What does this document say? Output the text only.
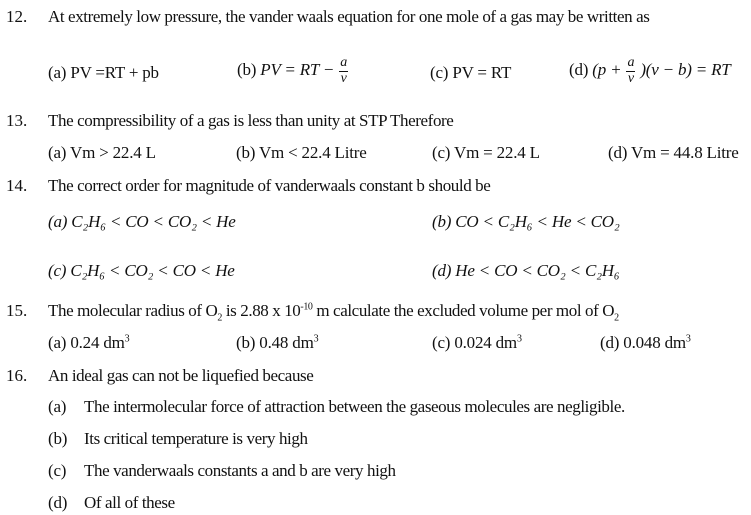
12. At extremely low pressure, the vander waals equation for one mole of a gas may be written as
(a) PV =RT + pb	(b) PV = RT − $\frac{a}{v}$	(c) PV = RT	(d) $(p + \frac{a}{v} )(v - b)$ = RT
13. The compressibility of a gas is less than unity at STP Therefore
(a) Vm > 22.4 L	(b) Vm < 22.4 Litre	(c) Vm = 22.4 L	(d) Vm = 44.8 Litre
14. The correct order for magnitude of vanderwaals constant b should be
(a) C₂H₆ < CO < CO₂ < He	(b) CO < C₂H₆ < He < CO₂
(c) C₂H₆ < CO₂ < CO < He	(d) He < CO < CO₂ < C₂H₆
15. The molecular radius of $O_2$ is 2.88 x $10^{-10}$ m calculate the excluded volume per mol of $O_2$
(a) 0.24 $dm^3$	(b) 0.48 $dm^3$	(c) 0.024 $dm^3$	(d) 0.048 $dm^3$
16. An ideal gas can not be liquefied because
(a) The intermolecular force of attraction between the gaseous molecules are negligible.
(b) Its critical temperature is very high
(c) The vanderwaals constants a and b are very high
(d) Of all of these
